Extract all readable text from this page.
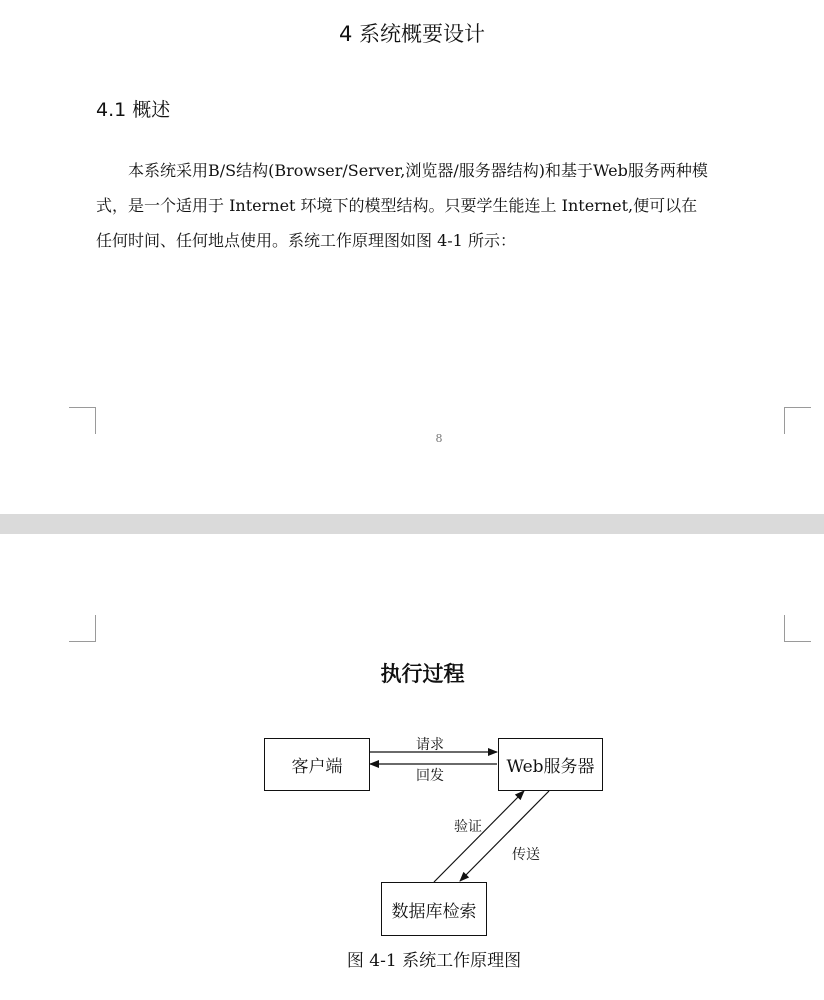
4 系统概要设计
4.1 概述
本系统采用B/S结构(Browser/Server,浏览器/服务器结构)和基于Web服务两种模
式，是一个适用于 Internet 环境下的模型结构。只要学生能连上 Internet,便可以在
任何时间、任何地点使用。系统工作原理图如图 4-1 所示：
8
执行过程
客户端	Web服务器
数据库检索
请求
回发
验证
传送
图 4-1 系统工作原理图
